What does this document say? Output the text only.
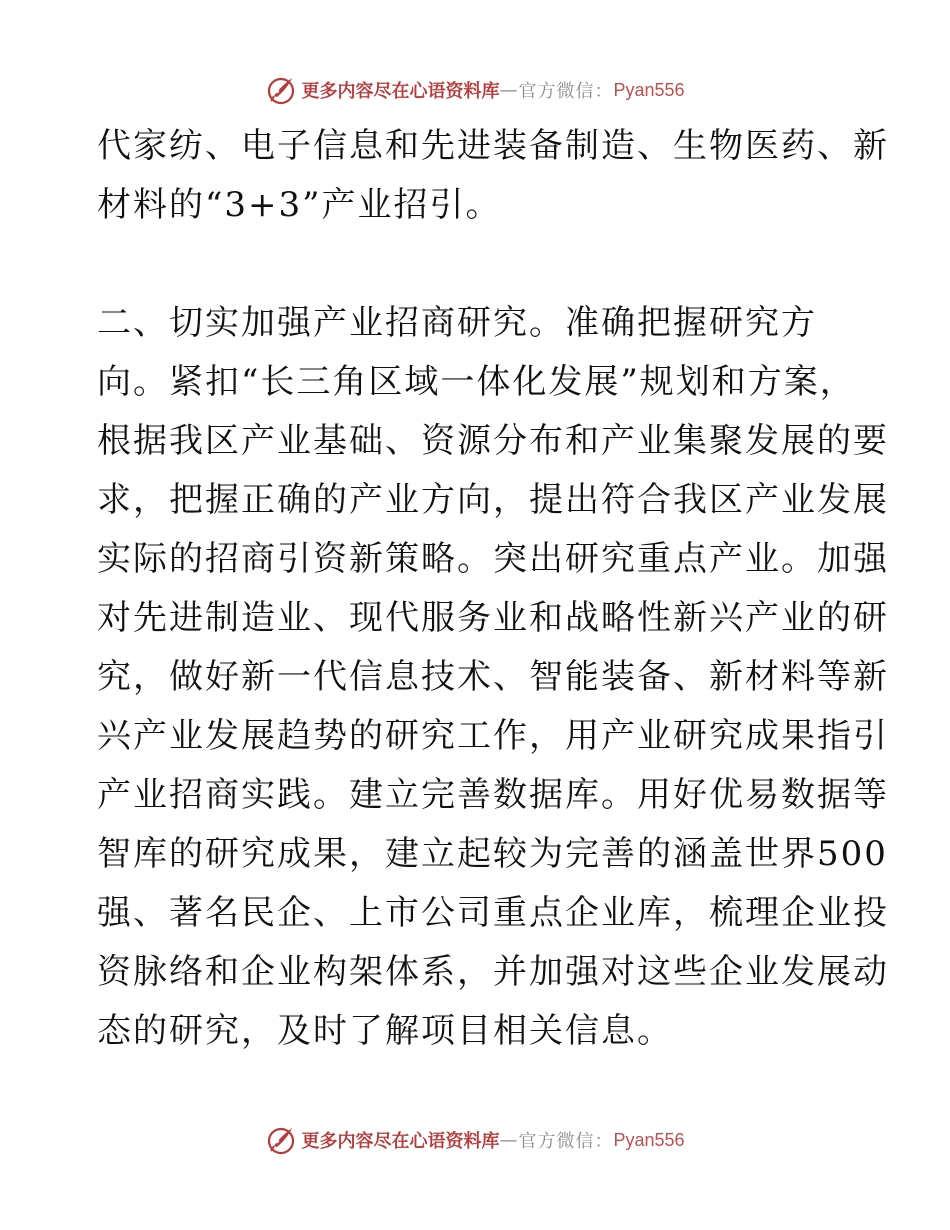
更多内容尽在心语资料库 — 官方微信： Pyan556
代家纺、电子信息和先进装备制造、生物医药、新
材料的“3+3”产业招引。
二、切实加强产业招商研究。准确把握研究方
向。紧扣“长三角区域一体化发展”规划和方案，
根据我区产业基础、资源分布和产业集聚发展的要
求，把握正确的产业方向，提出符合我区产业发展
实际的招商引资新策略。突出研究重点产业。加强
对先进制造业、现代服务业和战略性新兴产业的研
究，做好新一代信息技术、智能装备、新材料等新
兴产业发展趋势的研究工作，用产业研究成果指引
产业招商实践。建立完善数据库。用好优易数据等
智库的研究成果，建立起较为完善的涵盖世界500
强、著名民企、上市公司重点企业库，梳理企业投
资脉络和企业构架体系，并加强对这些企业发展动
态的研究，及时了解项目相关信息。
更多内容尽在心语资料库 — 官方微信： Pyan556
